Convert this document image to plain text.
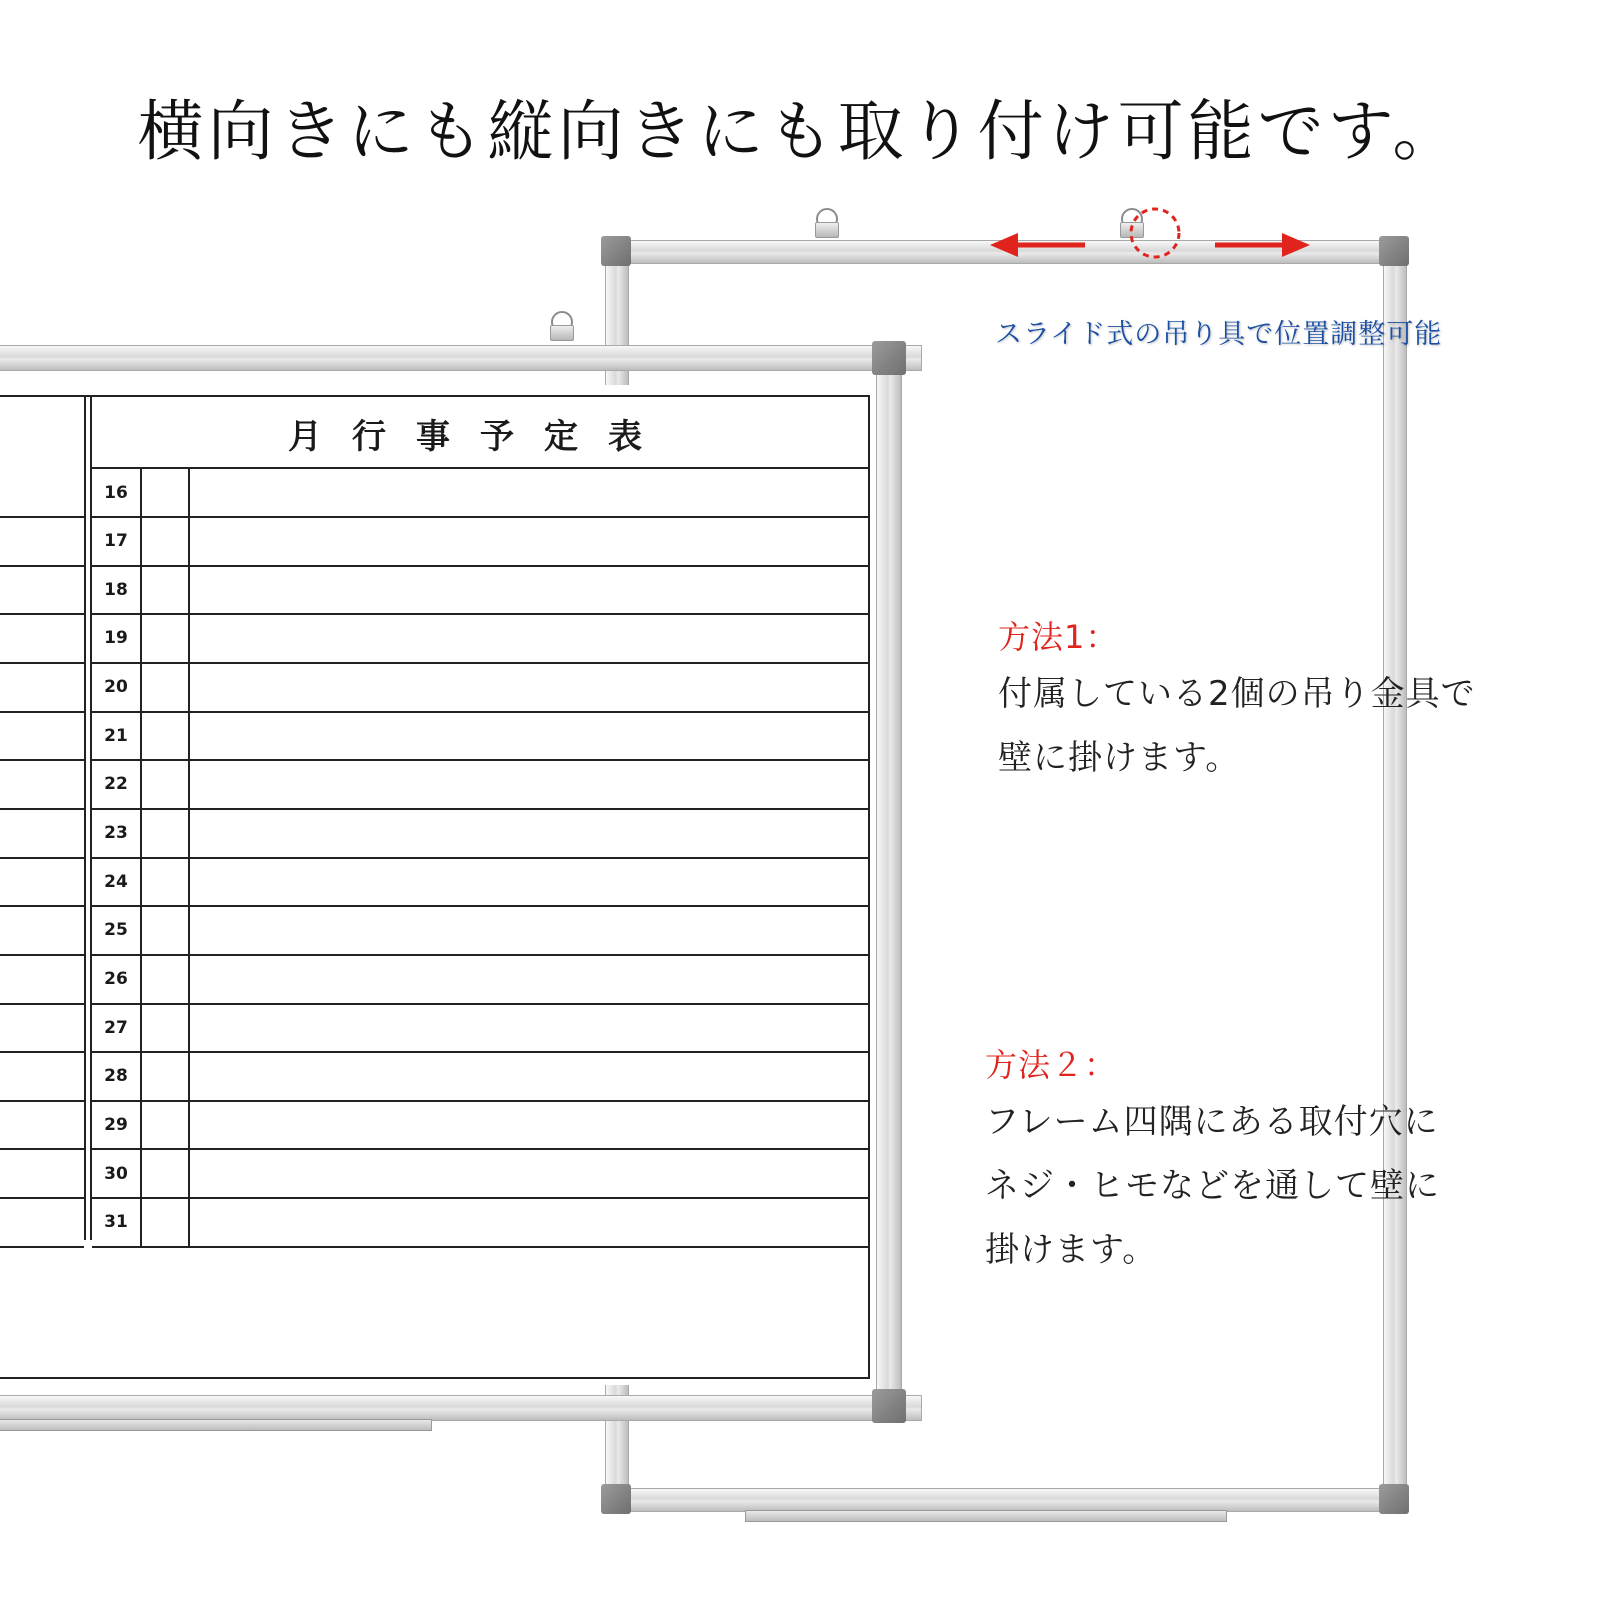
横向きにも縦向きにも取り付け可能です。
スライド式の吊り具で位置調整可能
月行事予定表
16
17
18
19
20
21
22
23
24
25
26
27
28
29
30
31
方法1：
付属している2個の吊り金具で
壁に掛けます。
方法２：
フレーム四隅にある取付穴に
ネジ・ヒモなどを通して壁に
掛けます。
